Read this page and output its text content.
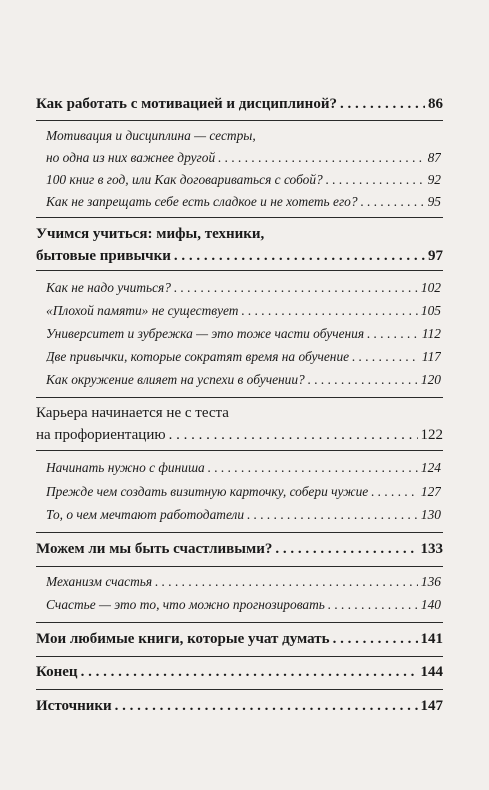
Как работать с мотивацией и дисциплиной? . . .	86
Мотивация и дисциплина — сестры,
но одна из них важнее другой . . .	87
100 книг в год, или Как договариваться с собой? . . .	92
Как не запрещать себе есть сладкое и не хотеть его? . . .	95
Учимся учиться: мифы, техники,
бытовые привычки . . .	97
Как не надо учиться? . . .	102
«Плохой памяти» не существует . . .	105
Университет и зубрежка — это тоже части обучения . . .	112
Две привычки, которые сократят время на обучение . . .	117
Как окружение влияет на успехи в обучении? . . .	120
Карьера начинается не с теста
на профориентацию . . .	122
Начинать нужно с финиша . . .	124
Прежде чем создать визитную карточку, собери чужие . . .	127
То, о чем мечтают работодатели . . .	130
Можем ли мы быть счастливыми? . . .	133
Механизм счастья . . .	136
Счастье — это то, что можно прогнозировать . . .	140
Мои любимые книги, которые учат думать . . .	141
Конец . . .	144
Источники . . .	147
